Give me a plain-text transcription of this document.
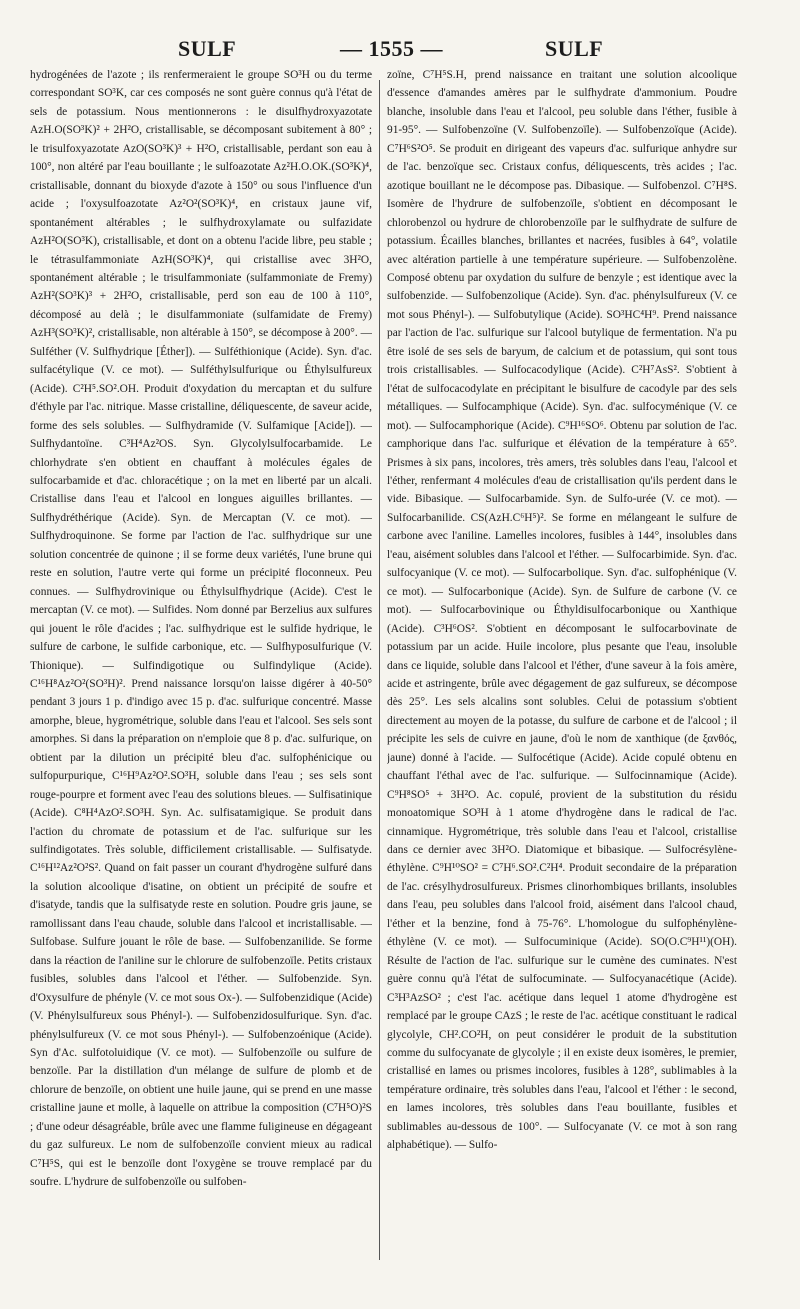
SULF	— 1555 —	SULF

hydrogénées de l'azote ; ils renfermeraient le groupe SO³H ou du terme correspondant SO³K, car ces composés ne sont guère connus qu'à l'état de sels de potassium. Nous mentionnerons : le disulfhydroxyazotate AzH.O(SO³K)² + 2H²O, cristallisable, se décomposant subitement à 80° ; le trisulfoxyazotate AzO(SO³K)³ + H²O, cristallisable, perdant son eau à 100°, non altéré par l'eau bouillante ; le sulfoazotate Az²H.O.OK.(SO³K)⁴, cristallisable, donnant du bioxyde d'azote à 150° ou sous l'influence d'un acide ; l'oxysulfoazotate Az²O²(SO³K)⁴, en cristaux jaune vif, spontanément altérables ; le sulfhydroxylamate ou sulfazidate AzH²O(SO³K), cristallisable, et dont on a obtenu l'acide libre, peu stable ; le tétrasulfammoniate AzH(SO³K)⁴, qui cristallise avec 3H²O, spontanément altérable ; le trisulfammoniate (sulfammoniate de Fremy) AzH²(SO³K)³ + 2H²O, cristallisable, perd son eau de 100 à 110°, décomposé au delà ; le disulfammoniate (sulfamidate de Fremy) AzH³(SO³K)², cristallisable, non altérable à 150°, se décompose à 200°. — Sulféther (V. Sulfhydrique [Éther]). — Sulféthionique (Acide). Syn. d'ac. sulfacétylique (V. ce mot). — Sulféthylsulfurique ou Éthylsulfureux (Acide). C²H⁵.SO².OH. Produit d'oxydation du mercaptan et du sulfure d'éthyle par l'ac. nitrique. Masse cristalline, déliquescente, de saveur acide, forme des sels solubles. — Sulfhydramide (V. Sulfamique [Acide]). — Sulfhydantoïne. C³H⁴Az²OS. Syn. Glycolylsulfocarbamide. Le chlorhydrate s'en obtient en chauffant à molécules égales de sulfocarbamide et d'ac. chloracétique ; on la met en liberté par un alcali. Cristallise dans l'eau et l'alcool en longues aiguilles brillantes. — Sulfhydréthérique (Acide). Syn. de Mercaptan (V. ce mot). — Sulfhydroquinone. Se forme par l'action de l'ac. sulfhydrique sur une solution concentrée de quinone ; il se forme deux variétés, l'une brune qui reste en solution, l'autre verte qui forme un précipité floconneux. Peu connues. — Sulfhydrovinique ou Éthylsulfhydrique (Acide). C'est le mercaptan (V. ce mot). — Sulfides. Nom donné par Berzelius aux sulfures qui jouent le rôle d'acides ; l'ac. sulfhydrique est le sulfide hydrique, le sulfure de carbone, le sulfide carbonique, etc. — Sulfhyposulfurique (V. Thionique). — Sulfindigotique ou Sulfindylique (Acide). C¹⁶H⁸Az²O²(SO³H)². Prend naissance lorsqu'on laisse digérer à 40-50° pendant 3 jours 1 p. d'indigo avec 15 p. d'ac. sulfurique concentré. Masse amorphe, bleue, hygrométrique, soluble dans l'eau et l'alcool. Ses sels sont amorphes. Si dans la préparation on n'emploie que 8 p. d'ac. sulfurique, on obtient par la dilution un précipité bleu d'ac. sulfophénicique ou sulfopurpurique, C¹⁶H⁹Az²O².SO³H, soluble dans l'eau ; ses sels sont rouge-pourpre et forment avec l'eau des solutions bleues. — Sulfisatinique (Acide). C⁸H⁴AzO².SO³H. Syn. Ac. sulfisatamigique. Se produit dans l'action du chromate de potassium et de l'ac. sulfurique sur les sulfindigotates. Très soluble, difficilement cristallisable. — Sulfisatyde. C¹⁶H¹²Az²O²S². Quand on fait passer un courant d'hydrogène sulfuré dans la solution alcoolique d'isatine, on obtient un précipité de soufre et d'isatyde, tandis que la sulfisatyde reste en solution. Poudre gris jaune, se ramollissant dans l'eau chaude, soluble dans l'alcool et incristallisable. — Sulfobase. Sulfure jouant le rôle de base. — Sulfobenzanilide. Se forme dans la réaction de l'aniline sur le chlorure de sulfobenzoïle. Petits cristaux fusibles, solubles dans l'alcool et l'éther. — Sulfobenzide. Syn. d'Oxysulfure de phényle (V. ce mot sous Ox-). — Sulfobenzidique (Acide) (V. Phénylsulfureux sous Phényl-). — Sulfobenzidosulfurique. Syn. d'ac. phénylsulfureux (V. ce mot sous Phényl-). — Sulfobenzoénique (Acide). Syn d'Ac. sulfotoluidique (V. ce mot). — Sulfobenzoïle ou sulfure de benzoïle. Par la distillation d'un mélange de sulfure de plomb et de chlorure de benzoïle, on obtient une huile jaune, qui se prend en une masse cristalline jaune et molle, à laquelle on attribue la composition (C⁷H⁵O)²S ; d'une odeur désagréable, brûle avec une flamme fuligineuse en dégageant du gaz sulfureux. Le nom de sulfobenzoïle convient mieux au radical C⁷H⁵S, qui est le benzoïle dont l'oxygène se trouve remplacé par du soufre. L'hydrure de sulfobenzoïle ou sulfoben-

zoïne, C⁷H⁵S.H, prend naissance en traitant une solution alcoolique d'essence d'amandes amères par le sulfhydrate d'ammonium. Poudre blanche, insoluble dans l'eau et l'alcool, peu soluble dans l'éther, fusible à 91-95°. — Sulfobenzoïne (V. Sulfobenzoïle). — Sulfobenzoïque (Acide). C⁷H⁶S²O⁵. Se produit en dirigeant des vapeurs d'ac. sulfurique anhydre sur de l'ac. benzoïque sec. Cristaux confus, déliquescents, très acides ; l'ac. azotique bouillant ne le décompose pas. Dibasique. — Sulfobenzol. C⁷H⁸S. Isomère de l'hydrure de sulfobenzoïle, s'obtient en décomposant le chlorobenzol ou hydrure de chlorobenzoïle par le sulfhydrate de sulfure de potassium. Écailles blanches, brillantes et nacrées, fusibles à 64°, volatile avec altération partielle à une température supérieure. — Sulfobenzolène. Composé obtenu par oxydation du sulfure de benzyle ; est identique avec la sulfobenzide. — Sulfobenzolique (Acide). Syn. d'ac. phénylsulfureux (V. ce mot sous Phényl-). — Sulfobutylique (Acide). SO³HC⁴H⁹. Prend naissance par l'action de l'ac. sulfurique sur l'alcool butylique de fermentation. N'a pu être isolé de ses sels de baryum, de calcium et de potassium, qui sont tous trois cristallisables. — Sulfocacodylique (Acide). C²H⁷AsS². S'obtient à l'état de sulfocacodylate en précipitant le bisulfure de cacodyle par des sels métalliques. — Sulfocamphique (Acide). Syn. d'ac. sulfocyménique (V. ce mot). — Sulfocamphorique (Acide). C⁹H¹⁶SO⁶. Obtenu par solution de l'ac. camphorique dans l'ac. sulfurique et élévation de la température à 65°. Prismes à six pans, incolores, très amers, très solubles dans l'eau, l'alcool et l'éther, renfermant 4 molécules d'eau de cristallisation qu'ils perdent dans le vide. Bibasique. — Sulfocarbamide. Syn. de Sulfo-urée (V. ce mot). — Sulfocarbanilide. CS(AzH.C⁶H⁵)². Se forme en mélangeant le sulfure de carbone avec l'aniline. Lamelles incolores, fusibles à 144°, insolubles dans l'eau, aisément solubles dans l'alcool et l'éther. — Sulfocarbimide. Syn. d'ac. sulfocyanique (V. ce mot). — Sulfocarbolique. Syn. d'ac. sulfophénique (V. ce mot). — Sulfocarbonique (Acide). Syn. de Sulfure de carbone (V. ce mot). — Sulfocarbovinique ou Éthyldisulfocarbonique ou Xanthique (Acide). C³H⁶OS². S'obtient en décomposant le sulfocarbovinate de potassium par un acide. Huile incolore, plus pesante que l'eau, insoluble dans ce liquide, soluble dans l'alcool et l'éther, d'une saveur à la fois amère, acide et astringente, brûle avec dégagement de gaz sulfureux, se décompose dès 25°. Les sels alcalins sont solubles. Celui de potassium s'obtient directement au moyen de la potasse, du sulfure de carbone et de l'alcool ; il précipite les sels de cuivre en jaune, d'où le nom de xanthique (de ξανθός, jaune) donné à l'acide. — Sulfocétique (Acide). Acide copulé obtenu en chauffant l'éthal avec de l'ac. sulfurique. — Sulfocinnamique (Acide). C⁹H⁸SO⁵ + 3H²O. Ac. copulé, provient de la substitution du résidu monoatomique SO³H à 1 atome d'hydrogène dans le radical de l'ac. cinnamique. Hygrométrique, très soluble dans l'eau et l'alcool, cristallise dans ce dernier avec 3H²O. Diatomique et bibasique. — Sulfocrésylène-éthylène. C⁹H¹⁰SO² = C⁷H⁶.SO².C²H⁴. Produit secondaire de la préparation de l'ac. crésylhydrosulfureux. Prismes clinorhombiques brillants, insolubles dans l'eau, peu solubles dans l'alcool froid, aisément dans l'alcool chaud, l'éther et la benzine, fond à 75-76°. L'homologue du sulfophénylène-éthylène (V. ce mot). — Sulfocuminique (Acide). SO(O.C⁹H¹¹)(OH). Résulte de l'action de l'ac. sulfurique sur le cumène des cuminates. N'est guère connu qu'à l'état de sulfocuminate. — Sulfocyanacétique (Acide). C³H³AzSO² ; c'est l'ac. acétique dans lequel 1 atome d'hydrogène est remplacé par le groupe CAzS ; le reste de l'ac. acétique constituant le radical glycolyle, CH².CO²H, on peut considérer le produit de la substitution comme du sulfocyanate de glycolyle ; il en existe deux isomères, le premier, cristallisé en lames ou prismes incolores, fusibles à 128°, sublimables à la température ordinaire, très solubles dans l'eau, l'alcool et l'éther : le second, en lames incolores, très solubles dans l'eau bouillante, fusibles et sublimables au-dessous de 100°. — Sulfocyanate (V. ce mot à son rang alphabétique). — Sulfo-
